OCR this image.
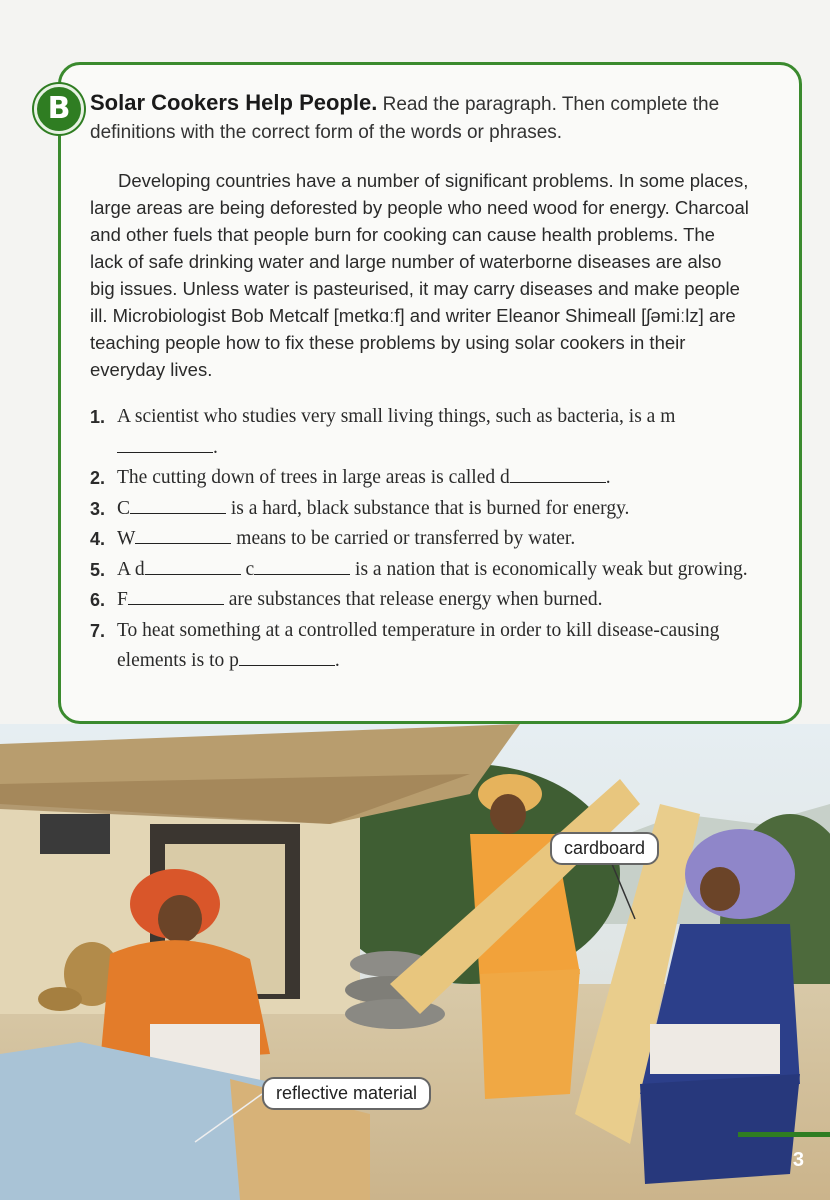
B Solar Cookers Help People. Read the paragraph. Then complete the definitions with the correct form of the words or phrases.

Developing countries have a number of significant problems. In some places, large areas are being deforested by people who need wood for energy. Charcoal and other fuels that people burn for cooking can cause health problems. The lack of safe drinking water and large number of waterborne diseases are also big issues. Unless water is pasteurised, it may carry diseases and make people ill. Microbiologist Bob Metcalf [metkɑːf] and writer Eleanor Shimeall [ʃəmiːlz] are teaching people how to fix these problems by using solar cookers in their everyday lives.

1. A scientist who studies very small living things, such as bacteria, is a m.
2. The cutting down of trees in large areas is called d	.
3. C	is a hard, black substance that is burned for energy.
4. W	means to be carried or transferred by water.
5. A d	c	is a nation that is economically weak but growing.
6. F	are substances that release energy when burned.
7. To heat something at a controlled temperature in order to kill disease-causing elements is to p	.
cardboard
reflective material
3
